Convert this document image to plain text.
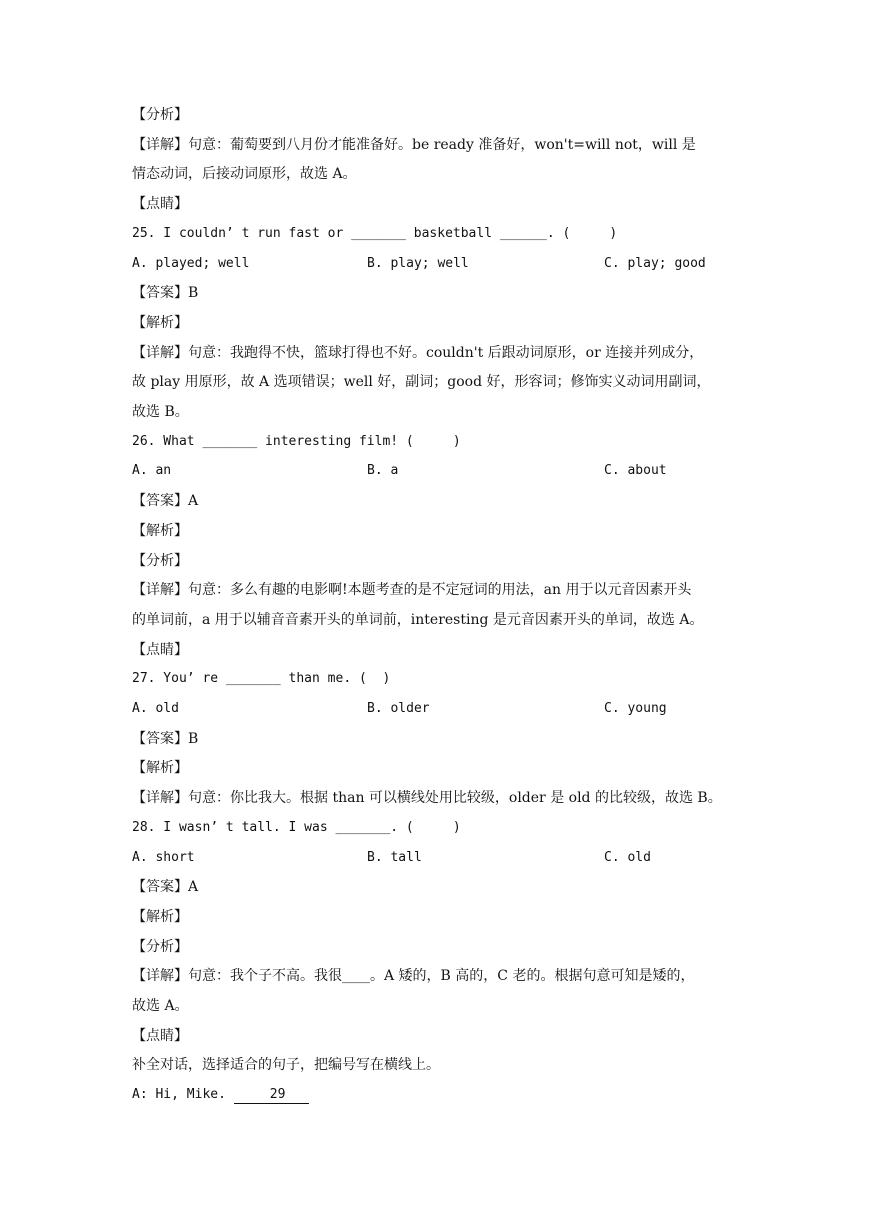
【分析】
【详解】句意：葡萄要到八月份才能准备好。be ready 准备好，won't=will not，will 是
情态动词，后接动词原形，故选 A。
【点睛】
25. I couldn’ t run fast or _______ basketball ______. (     )
A. played; well	B. play; well	C. play; good
【答案】B
【解析】
【详解】句意：我跑得不快，篮球打得也不好。couldn't 后跟动词原形，or 连接并列成分，
故 play 用原形，故 A 选项错误；well 好，副词；good 好，形容词；修饰实义动词用副词，
故选 B。
26. What _______ interesting film! (     )
A. an	B. a	C. about
【答案】A
【解析】
【分析】
【详解】句意：多么有趣的电影啊!本题考查的是不定冠词的用法，an 用于以元音因素开头
的单词前，a 用于以辅音音素开头的单词前，interesting 是元音因素开头的单词，故选 A。
【点睛】
27. You’ re _______ than me. (  )
A. old	B. older	C. young
【答案】B
【解析】
【详解】句意：你比我大。根据 than 可以横线处用比较级，older 是 old 的比较级，故选 B。
28. I wasn’ t tall. I was _______. (     )
A. short	B. tall	C. old
【答案】A
【解析】
【分析】
【详解】句意：我个子不高。我很____。A 矮的，B 高的，C 老的。根据句意可知是矮的，
故选 A。
【点睛】
补全对话，选择适合的句子，把编号写在横线上。
A: Hi, Mike.	29
